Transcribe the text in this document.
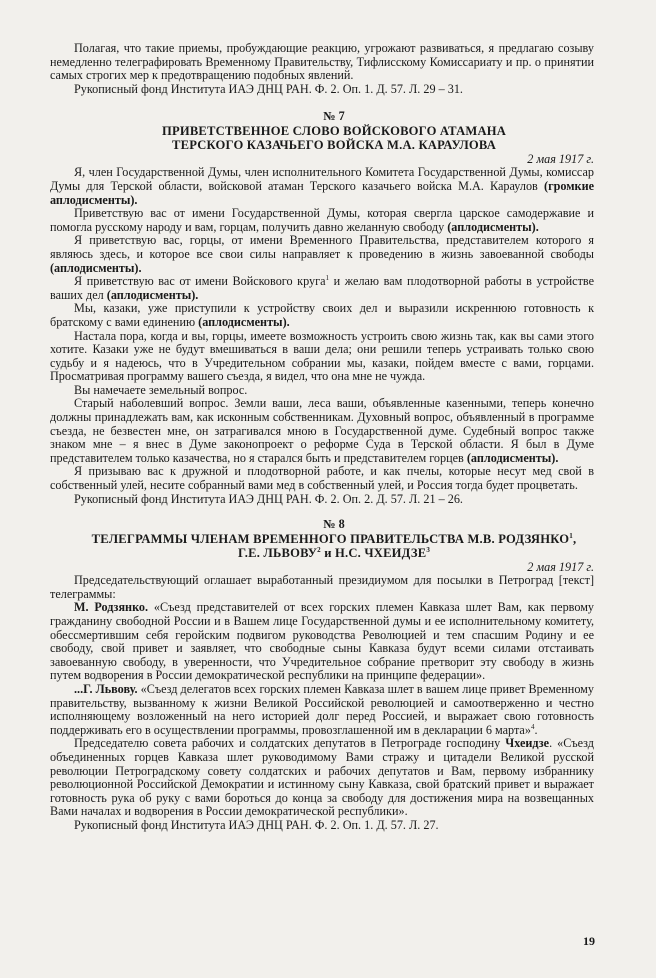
Полагая, что такие приемы, пробуждающие реакцию, угрожают развиваться, я предлагаю созыву немедленно телеграфировать Временному Правительству, Тифлисскому Комиссариату и пр. о принятии самых строгих мер к предотвращению подобных явлений.

Рукописный фонд Института ИАЭ ДНЦ РАН. Ф. 2. Оп. 1. Д. 57. Л. 29 – 31.

№ 7

ПРИВЕТСТВЕННОЕ СЛОВО ВОЙСКОВОГО АТАМАНА

ТЕРСКОГО КАЗАЧЬЕГО ВОЙСКА М.А. КАРАУЛОВА

2 мая 1917 г.

Я, член Государственной Думы, член исполнительного Комитета Государственной Думы, комиссар Думы для Терской области, войсковой атаман Терского казачьего войска М.А. Караулов (громкие аплодисменты).

Приветствую вас от имени Государственной Думы, которая свергла царское самодержавие и помогла русскому народу и вам, горцам, получить давно желанную свободу (аплодисменты).

Я приветствую вас, горцы, от имени Временного Правительства, представителем которого я являюсь здесь, и которое все свои силы направляет к проведению в жизнь завоеванной свободы (аплодисменты).

Я приветствую вас от имени Войскового круга$^1$ и желаю вам плодотворной работы в устройстве ваших дел (аплодисменты).

Мы, казаки, уже приступили к устройству своих дел и выразили искреннюю готовность к братскому с вами единению (аплодисменты).

Настала пора, когда и вы, горцы, имеете возможность устроить свою жизнь так, как вы сами этого хотите. Казаки уже не будут вмешиваться в ваши дела; они решили теперь устраивать только свою судьбу и я надеюсь, что в Учредительном собрании мы, казаки, пойдем вместе с вами, горцами. Просматривая программу вашего съезда, я видел, что она мне не чужда.

Вы намечаете земельный вопрос.

Старый наболевший вопрос. Земли ваши, леса ваши, объявленные казенными, теперь конечно должны принадлежать вам, как исконным собственникам. Духовный вопрос, объявленный в программе съезда, не безвестен мне, он затрагивался мною в Государственной думе. Судебный вопрос также знаком мне – я внес в Думе законопроект о реформе Суда в Терской области. Я был в Думе представителем только казачества, но я старался быть и представителем горцев (аплодисменты).

Я призываю вас к дружной и плодотворной работе, и как пчелы, которые несут мед свой в собственный улей, несите собранный вами мед в собственный улей, и Россия тогда будет процветать.

Рукописный фонд Института ИАЭ ДНЦ РАН. Ф. 2. Оп. 2. Д. 57. Л. 21 – 26.

№ 8

ТЕЛЕГРАММЫ ЧЛЕНАМ ВРЕМЕННОГО ПРАВИТЕЛЬСТВА М.В. РОДЗЯНКО$^1$,

Г.Е. ЛЬВОВУ$^2$ и Н.С. ЧХЕИДЗЕ$^3$

2 мая 1917 г.

Председательствующий оглашает выработанный президиумом для посылки в Петроград [текст] телеграммы:

М. Родзянко. «Съезд представителей от всех горских племен Кавказа шлет Вам, как первому гражданину свободной России и в Вашем лице Государственной думы и ее исполнительному комитету, обессмертившим себя геройским подвигом руководства Революцией и тем спасшим Родину и ее свободу, свой привет и заявляет, что свободные сыны Кавказа будут всеми силами отстаивать завоеванную свободу, в уверенности, что Учредительное собрание претворит эту свободу в жизнь путем водворения в России демократической республики на принципе федерации».

...Г. Львову. «Съезд делегатов всех горских племен Кавказа шлет в вашем лице привет Временному правительству, вызванному к жизни Великой Российской революцией и самоотверженно и честно исполняющему возложенный на него историей долг перед Россией, и выражает свою готовность поддерживать его в осуществлении программы, провозглашенной им в декларации 6 марта»$^4$.

Председателю совета рабочих и солдатских депутатов в Петрограде господину Чхеидзе. «Съезд объединенных горцев Кавказа шлет руководимому Вами стражу и цитадели Великой русской революции Петроградскому совету солдатских и рабочих депутатов и Вам, первому избраннику революционной Российской Демократии и истинному сыну Кавказа, свой братский привет и выражает готовность рука об руку с вами бороться до конца за свободу для достижения мира на возвещанных Вами началах и водворения в России демократической республики».

Рукописный фонд Института ИАЭ ДНЦ РАН. Ф. 2. Оп. 1. Д. 57. Л. 27.

19
